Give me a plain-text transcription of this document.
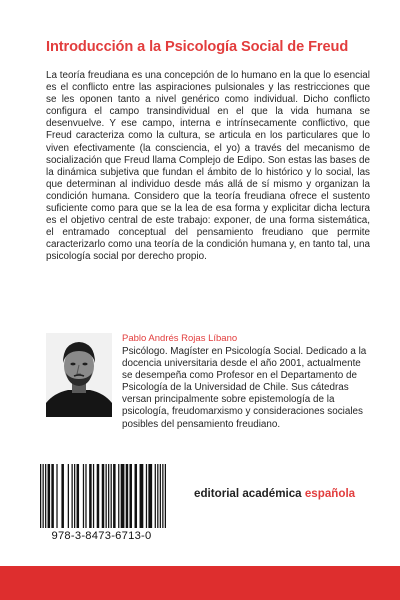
Introducción a la Psicología Social de Freud

La teoría freudiana es una concepción de lo humano en la que lo esencial es el conflicto entre las aspiraciones pulsionales y las restricciones que se les oponen tanto a nivel genérico como individual. Dicho conflicto configura el campo transindividual en el que la vida humana se desenvuelve. Y ese campo, interna e intrínsecamente conflictivo, que Freud caracteriza como la cultura, se articula en los particulares que lo viven efectivamente (la consciencia, el yo) a través del mecanismo de socialización que Freud llama Complejo de Edipo. Son estas las bases de la dinámica subjetiva que fundan el ámbito de lo histórico y lo social, las que determinan al individuo desde más allá de sí mismo y organizan la condición humana. Considero que la teoría freudiana ofrece el sustento suficiente como para que se la lea de esa forma y explicitar dicha lectura es el objetivo central de este trabajo: exponer, de una forma sistemática, el entramado conceptual del pensamiento freudiano que permite caracterizarlo como una teoría de la condición humana y, en tanto tal, una psicología social por derecho propio.

Pablo Andrés Rojas Líbano

Psicólogo. Magíster en Psicología Social. Dedicado a la docencia universitaria desde el año 2001, actualmente se desempeña como Profesor en el Departamento de Psicología de la Universidad de Chile. Sus cátedras versan principalmente sobre epistemología de la psicología, freudomarxismo y consideraciones sociales posibles del pensamiento freudiano.

978-3-8473-6713-0
editorial académica española
